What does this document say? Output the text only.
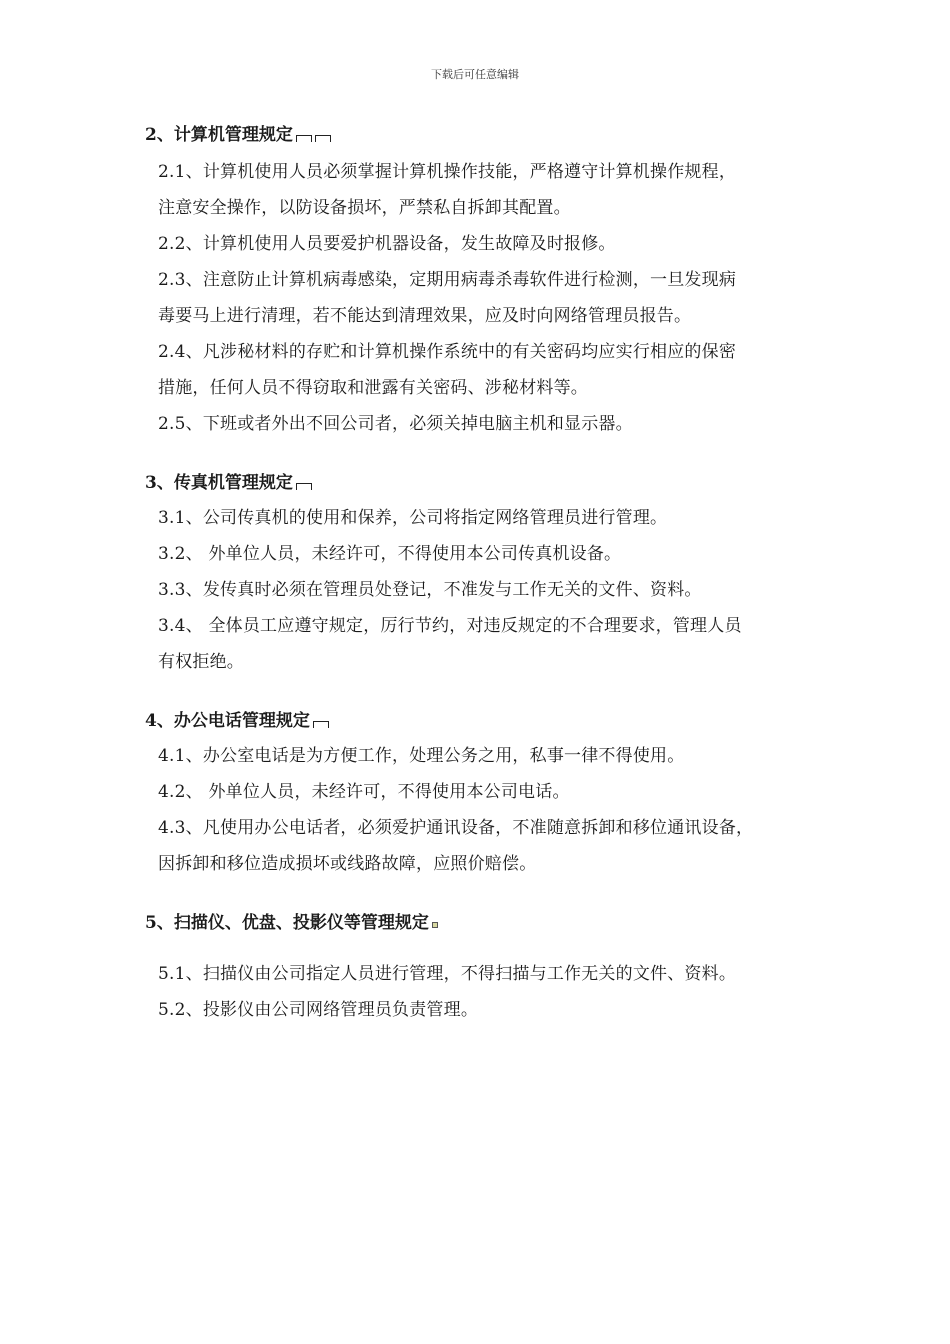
下载后可任意编辑

2、计算机管理规定

2.1、计算机使用人员必须掌握计算机操作技能，严格遵守计算机操作规程，
注意安全操作，以防设备损坏，严禁私自拆卸其配置。

2.2、计算机使用人员要爱护机器设备，发生故障及时报修。

2.3、注意防止计算机病毒感染，定期用病毒杀毒软件进行检测，一旦发现病
毒要马上进行清理，若不能达到清理效果，应及时向网络管理员报告。

2.4、凡涉秘材料的存贮和计算机操作系统中的有关密码均应实行相应的保密
措施，任何人员不得窃取和泄露有关密码、涉秘材料等。

2.5、下班或者外出不回公司者，必须关掉电脑主机和显示器。

3、传真机管理规定

3.1、公司传真机的使用和保养，公司将指定网络管理员进行管理。

3.2、 外单位人员，未经许可，不得使用本公司传真机设备。

3.3、发传真时必须在管理员处登记，不准发与工作无关的文件、资料。

3.4、 全体员工应遵守规定，厉行节约，对违反规定的不合理要求，管理人员
有权拒绝。

4、办公电话管理规定

4.1、办公室电话是为方便工作，处理公务之用，私事一律不得使用。

4.2、 外单位人员，未经许可，不得使用本公司电话。

4.3、凡使用办公电话者，必须爱护通讯设备，不准随意拆卸和移位通讯设备，
因拆卸和移位造成损坏或线路故障，应照价赔偿。

5、扫描仪、优盘、投影仪等管理规定

5.1、扫描仪由公司指定人员进行管理，不得扫描与工作无关的文件、资料。

5.2、投影仪由公司网络管理员负责管理。
